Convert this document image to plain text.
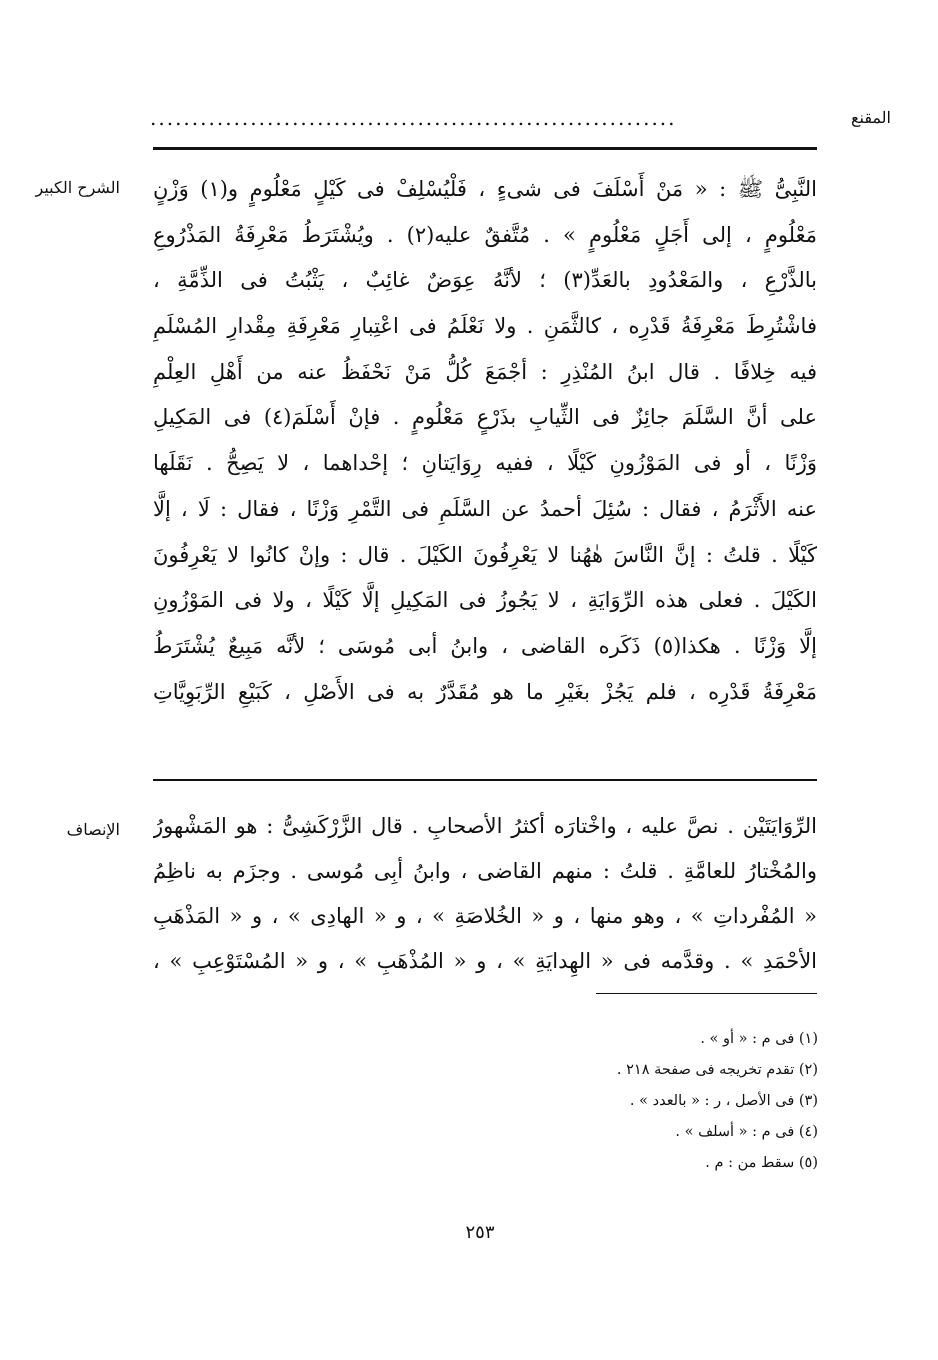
...............................................................	المقنع
الشرح الكبير النَّبِىُّ ﷺ : « مَنْ أَسْلَفَ فى شىءٍ ، فَلْيُسْلِفْ فى كَيْلٍ مَعْلُومٍ و(١) وَزْنٍ
مَعْلُومٍ ، إلى أَجَلٍ مَعْلُومٍ » . مُتَّفقٌ عليه(٢) . ويُشْتَرَطُ مَعْرِفَةُ المَذْرُوعِ
بالذَّرْعِ ، والمَعْدُودِ بالعَدِّ(٣) ؛ لأنَّهُ عِوَضٌ غائِبٌ ، يَثْبُتُ فى الذِّمَّةِ ،
فاشْتُرِطَ مَعْرِفَةُ قَدْرِه ، كالثَّمَنِ . ولا نَعْلَمُ فى اعْتِبارِ مَعْرِفَةِ مِقْدارِ المُسْلَمِ
فيه خِلافًا . قال ابنُ المُنْذِرِ : أجْمَعَ كُلُّ مَنْ نَحْفَظُ عنه من أَهْلِ العِلْمِ
على أنَّ السَّلَمَ جائِزٌ فى الثِّيابِ بذَرْعٍ مَعْلُومٍ . فإنْ أَسْلَمَ(٤) فى المَكِيلِ
وَزْنًا ، أو فى المَوْزُونِ كَيْلًا ، ففيه رِوَايَتانِ ؛ إحْداهما ، لا يَصِحُّ . نَقَلَها
عنه الأَثْرَمُ ، فقال : سُئِلَ أحمدُ عن السَّلَمِ فى التَّمْرِ وَزْنًا ، فقال : لَا ، إلَّا
كَيْلًا . قلتُ : إنَّ النَّاسَ هٰهُنا لا يَعْرِفُونَ الكَيْلَ . قال : وإنْ كانُوا لا يَعْرِفُونَ
الكَيْلَ . فعلى هذه الرِّوَايَةِ ، لا يَجُوزُ فى المَكِيلِ إلَّا كَيْلًا ، ولا فى المَوْزُونِ
إلَّا وَزْنًا . هكذا(٥) ذَكَره القاضى ، وابنُ أبى مُوسَى ؛ لأنَّه مَبِيعٌ يُشْتَرَطُ
مَعْرِفَةُ قَدْرِه ، فلم يَجُزْ بغَيْرِ ما هو مُقَدَّرٌ به فى الأَصْلِ ، كَبَيْعِ الرِّبَوِيَّاتِ
الإنصاف الرِّوَايَتَيْن . نصَّ عليه ، واخْتارَه أكثرُ الأصحابِ . قال الزَّرْكَشِىُّ : هو المَشْهورُ
والمُخْتارُ للعامَّةِ . قلتُ : منهم القاضى ، وابنُ أبِى مُوسى . وجزَم به ناظِمُ
« المُفْرداتِ » ، وهو منها ، و « الخُلاصَةِ » ، و « الهادِى » ، و « المَذْهَبِ
الأحْمَدِ » . وقدَّمه فى « الهِدايَةِ » ، و « المُذْهَبِ » ، و « المُسْتَوْعِبِ » ،
(١) فى م : « أو » .
(٢) تقدم تخريجه فى صفحة ٢١٨ .
(٣) فى الأصل ، ر : « بالعدد » .
(٤) فى م : « أسلف » .
(٥) سقط من : م .
٢٥٣
